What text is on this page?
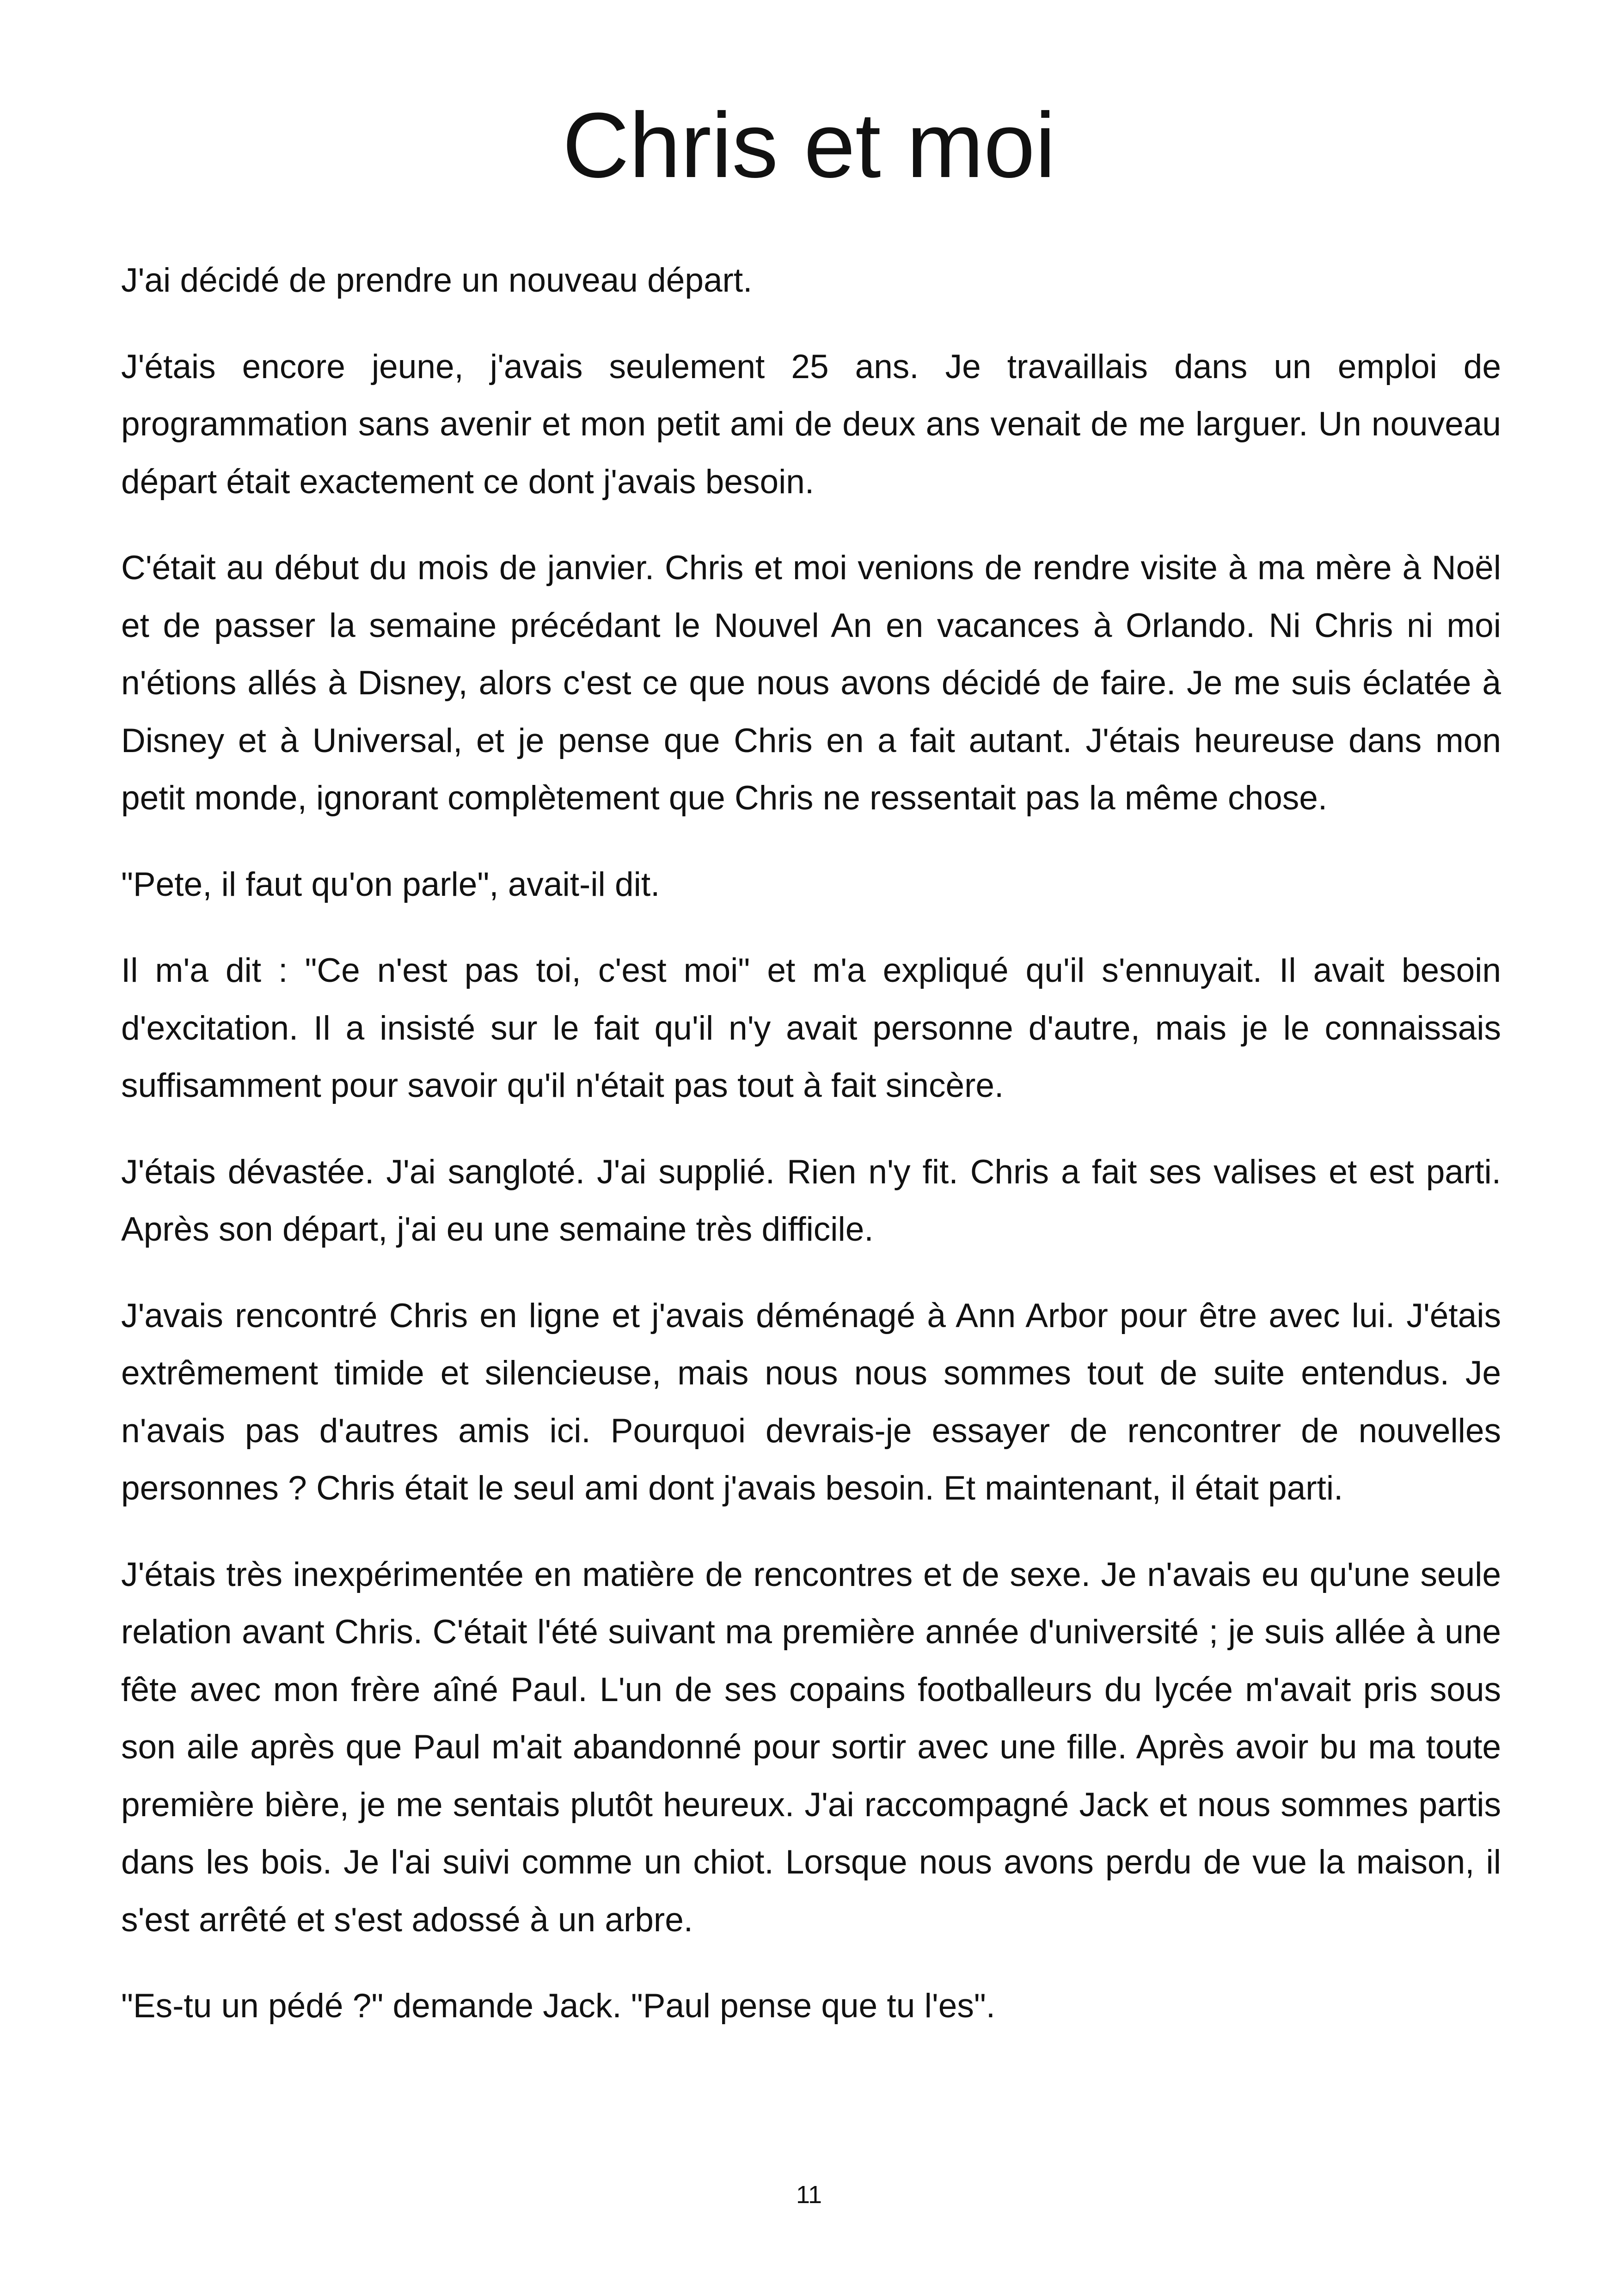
Chris et moi

J'ai décidé de prendre un nouveau départ.

J'étais encore jeune, j'avais seulement 25 ans. Je travaillais dans un emploi de programmation sans avenir et mon petit ami de deux ans venait de me larguer. Un nouveau départ était exactement ce dont j'avais besoin.

C'était au début du mois de janvier. Chris et moi venions de rendre visite à ma mère à Noël et de passer la semaine précédant le Nouvel An en vacances à Orlando. Ni Chris ni moi n'étions allés à Disney, alors c'est ce que nous avons décidé de faire. Je me suis éclatée à Disney et à Universal, et je pense que Chris en a fait autant. J'étais heureuse dans mon petit monde, ignorant complètement que Chris ne ressentait pas la même chose.

"Pete, il faut qu'on parle", avait-il dit.

Il m'a dit : "Ce n'est pas toi, c'est moi" et m'a expliqué qu'il s'ennuyait. Il avait besoin d'excitation. Il a insisté sur le fait qu'il n'y avait personne d'autre, mais je le connaissais suffisamment pour savoir qu'il n'était pas tout à fait sincère.

J'étais dévastée. J'ai sangloté. J'ai supplié. Rien n'y fit. Chris a fait ses valises et est parti. Après son départ, j'ai eu une semaine très difficile.

J'avais rencontré Chris en ligne et j'avais déménagé à Ann Arbor pour être avec lui. J'étais extrêmement timide et silencieuse, mais nous nous sommes tout de suite entendus. Je n'avais pas d'autres amis ici. Pourquoi devrais-je essayer de rencontrer de nouvelles personnes ? Chris était le seul ami dont j'avais besoin. Et maintenant, il était parti.

J'étais très inexpérimentée en matière de rencontres et de sexe. Je n'avais eu qu'une seule relation avant Chris. C'était l'été suivant ma première année d'université ; je suis allée à une fête avec mon frère aîné Paul. L'un de ses copains footballeurs du lycée m'avait pris sous son aile après que Paul m'ait abandonné pour sortir avec une fille. Après avoir bu ma toute première bière, je me sentais plutôt heureux. J'ai raccompagné Jack et nous sommes partis dans les bois. Je l'ai suivi comme un chiot. Lorsque nous avons perdu de vue la maison, il s'est arrêté et s'est adossé à un arbre.

"Es-tu un pédé ?" demande Jack. "Paul pense que tu l'es".

11
